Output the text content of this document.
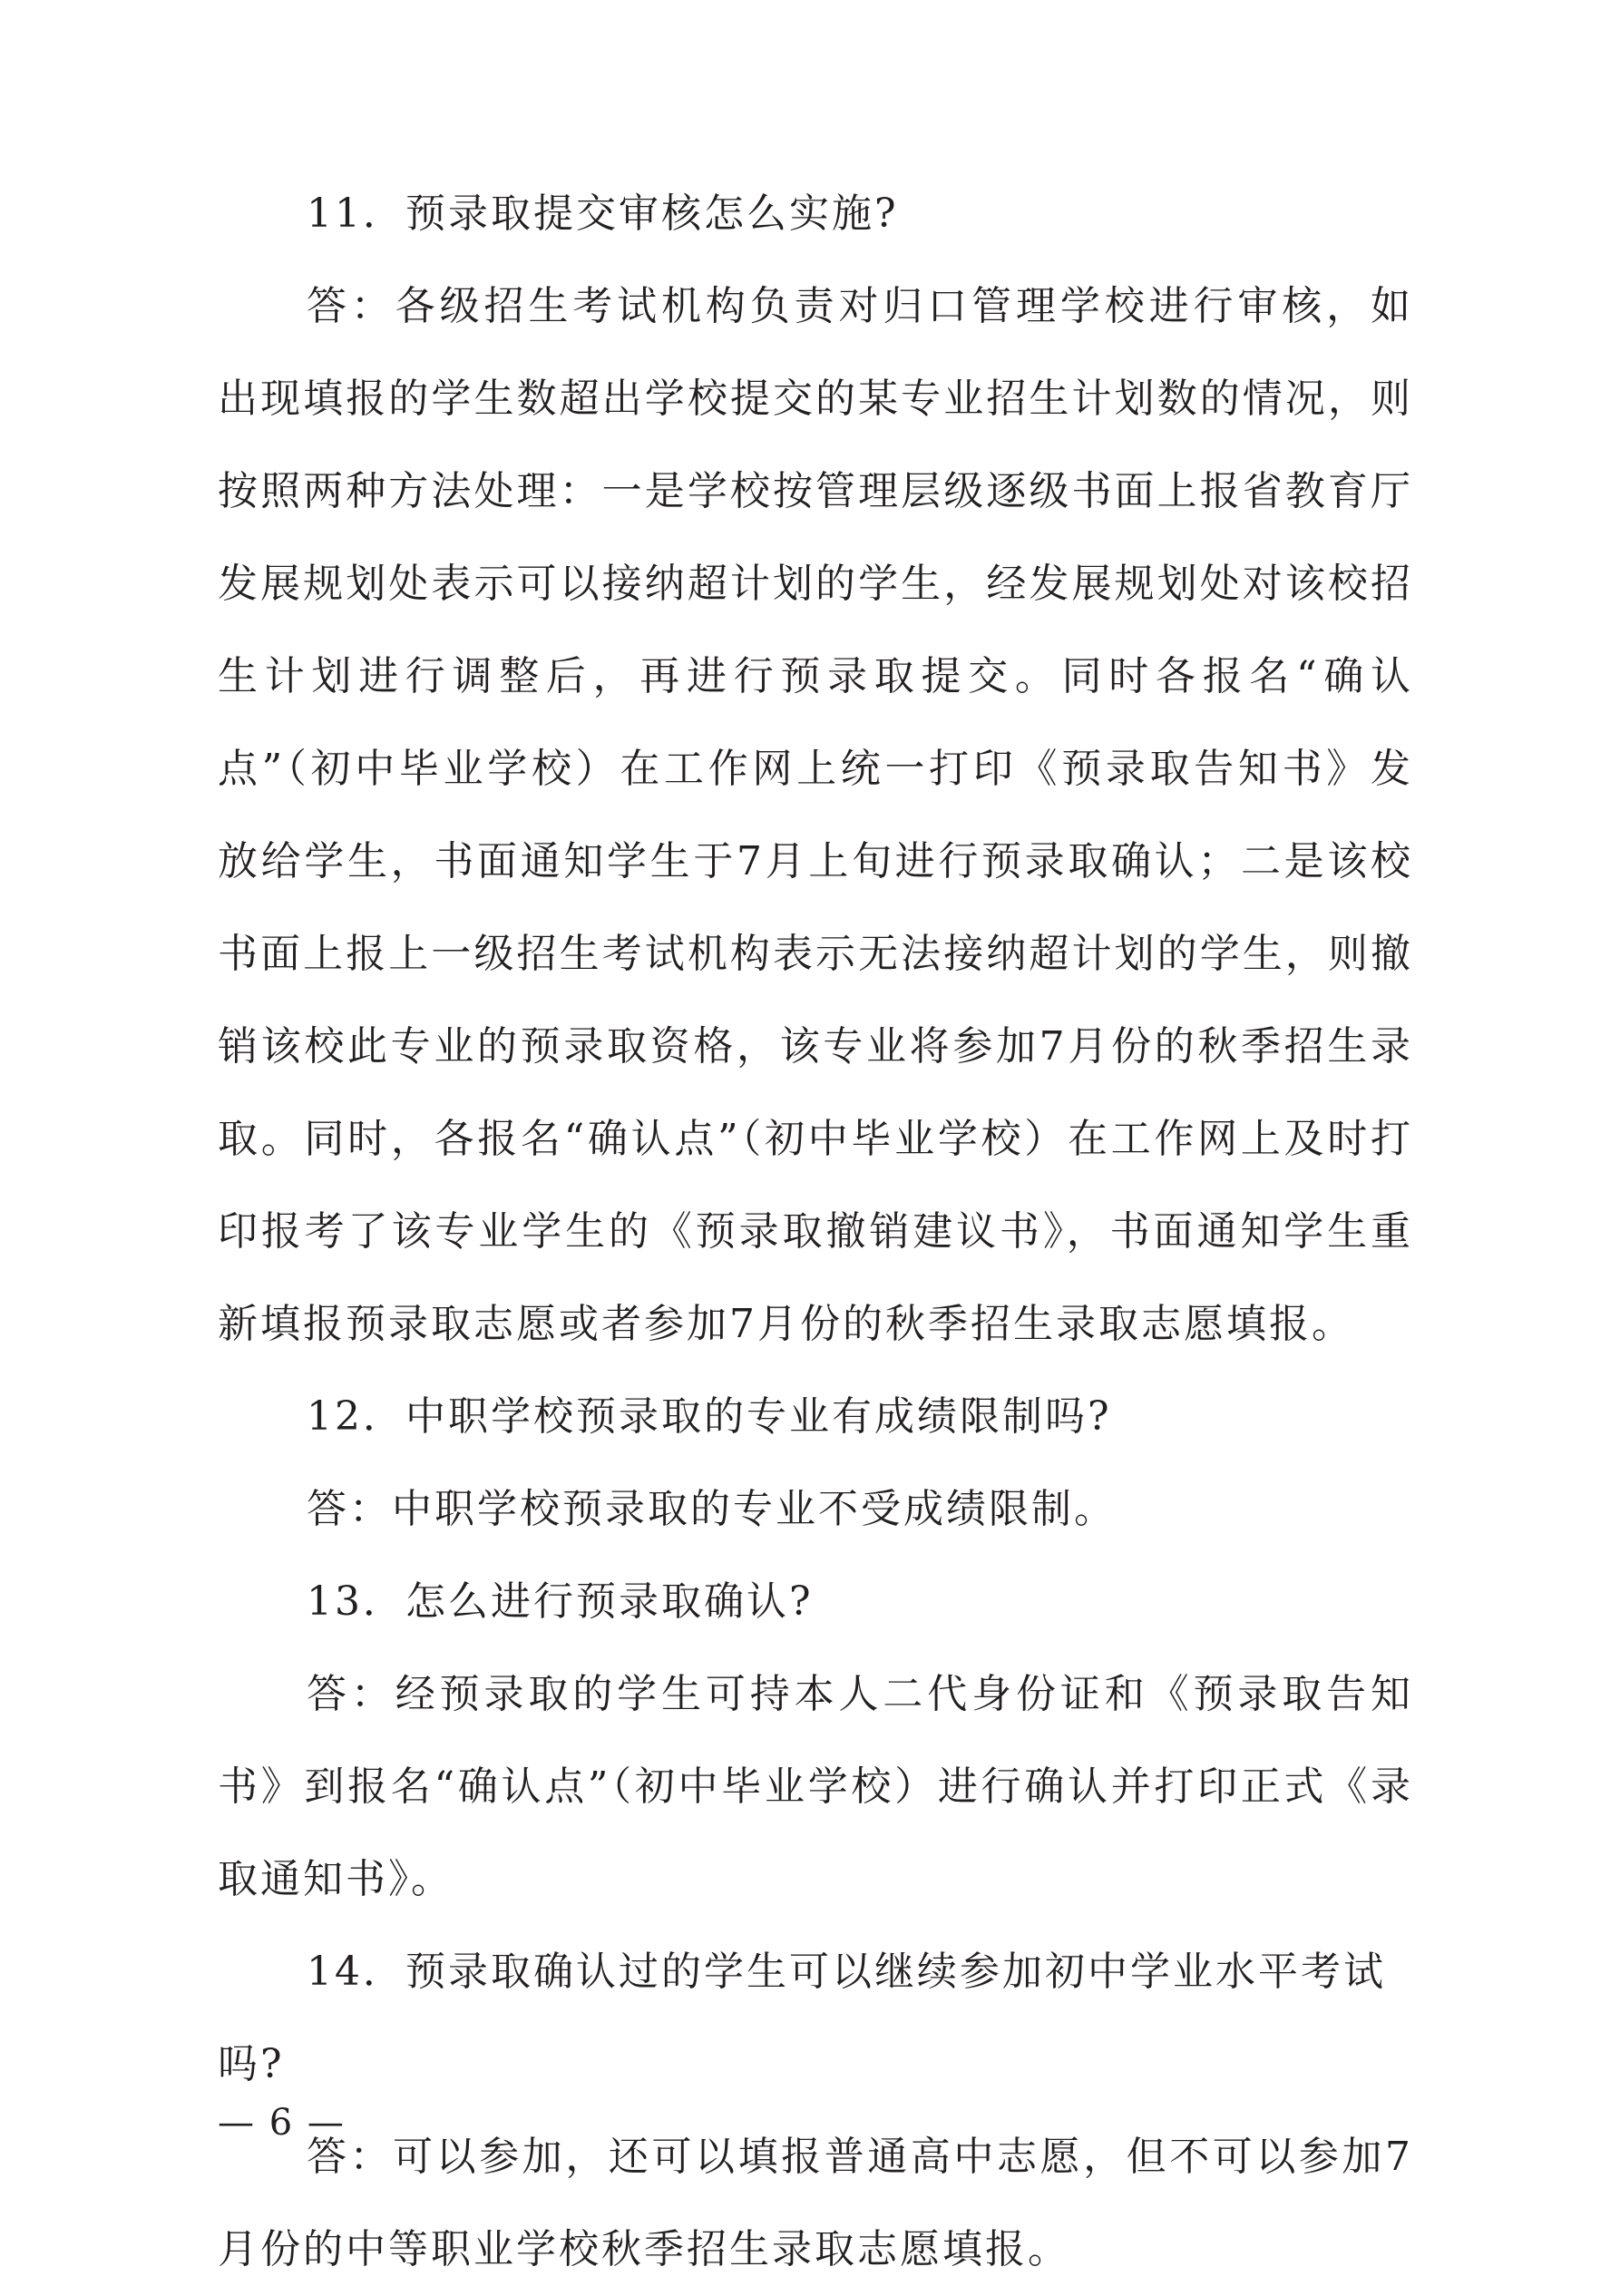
11．预录取提交审核怎么实施?

答：各级招生考试机构负责对归口管理学校进行审核，如出现填报的学生数超出学校提交的某专业招生计划数的情况，则按照两种方法处理：一是学校按管理层级逐级书面上报省教育厅发展规划处表示可以接纳超计划的学生，经发展规划处对该校招生计划进行调整后，再进行预录取提交。同时各报名“确认点”（初中毕业学校）在工作网上统一打印《预录取告知书》发放给学生，书面通知学生于7月上旬进行预录取确认；二是该校书面上报上一级招生考试机构表示无法接纳超计划的学生，则撤销该校此专业的预录取资格，该专业将参加7月份的秋季招生录取。同时，各报名“确认点”（初中毕业学校）在工作网上及时打印报考了该专业学生的《预录取撤销建议书》，书面通知学生重新填报预录取志愿或者参加7月份的秋季招生录取志愿填报。

12．中职学校预录取的专业有成绩限制吗?

答：中职学校预录取的专业不受成绩限制。

13．怎么进行预录取确认?

答：经预录取的学生可持本人二代身份证和《预录取告知书》到报名“确认点”（初中毕业学校）进行确认并打印正式《录取通知书》。

14．预录取确认过的学生可以继续参加初中学业水平考试吗?

答：可以参加，还可以填报普通高中志愿，但不可以参加7月份的中等职业学校秋季招生录取志愿填报。

— 6 —
